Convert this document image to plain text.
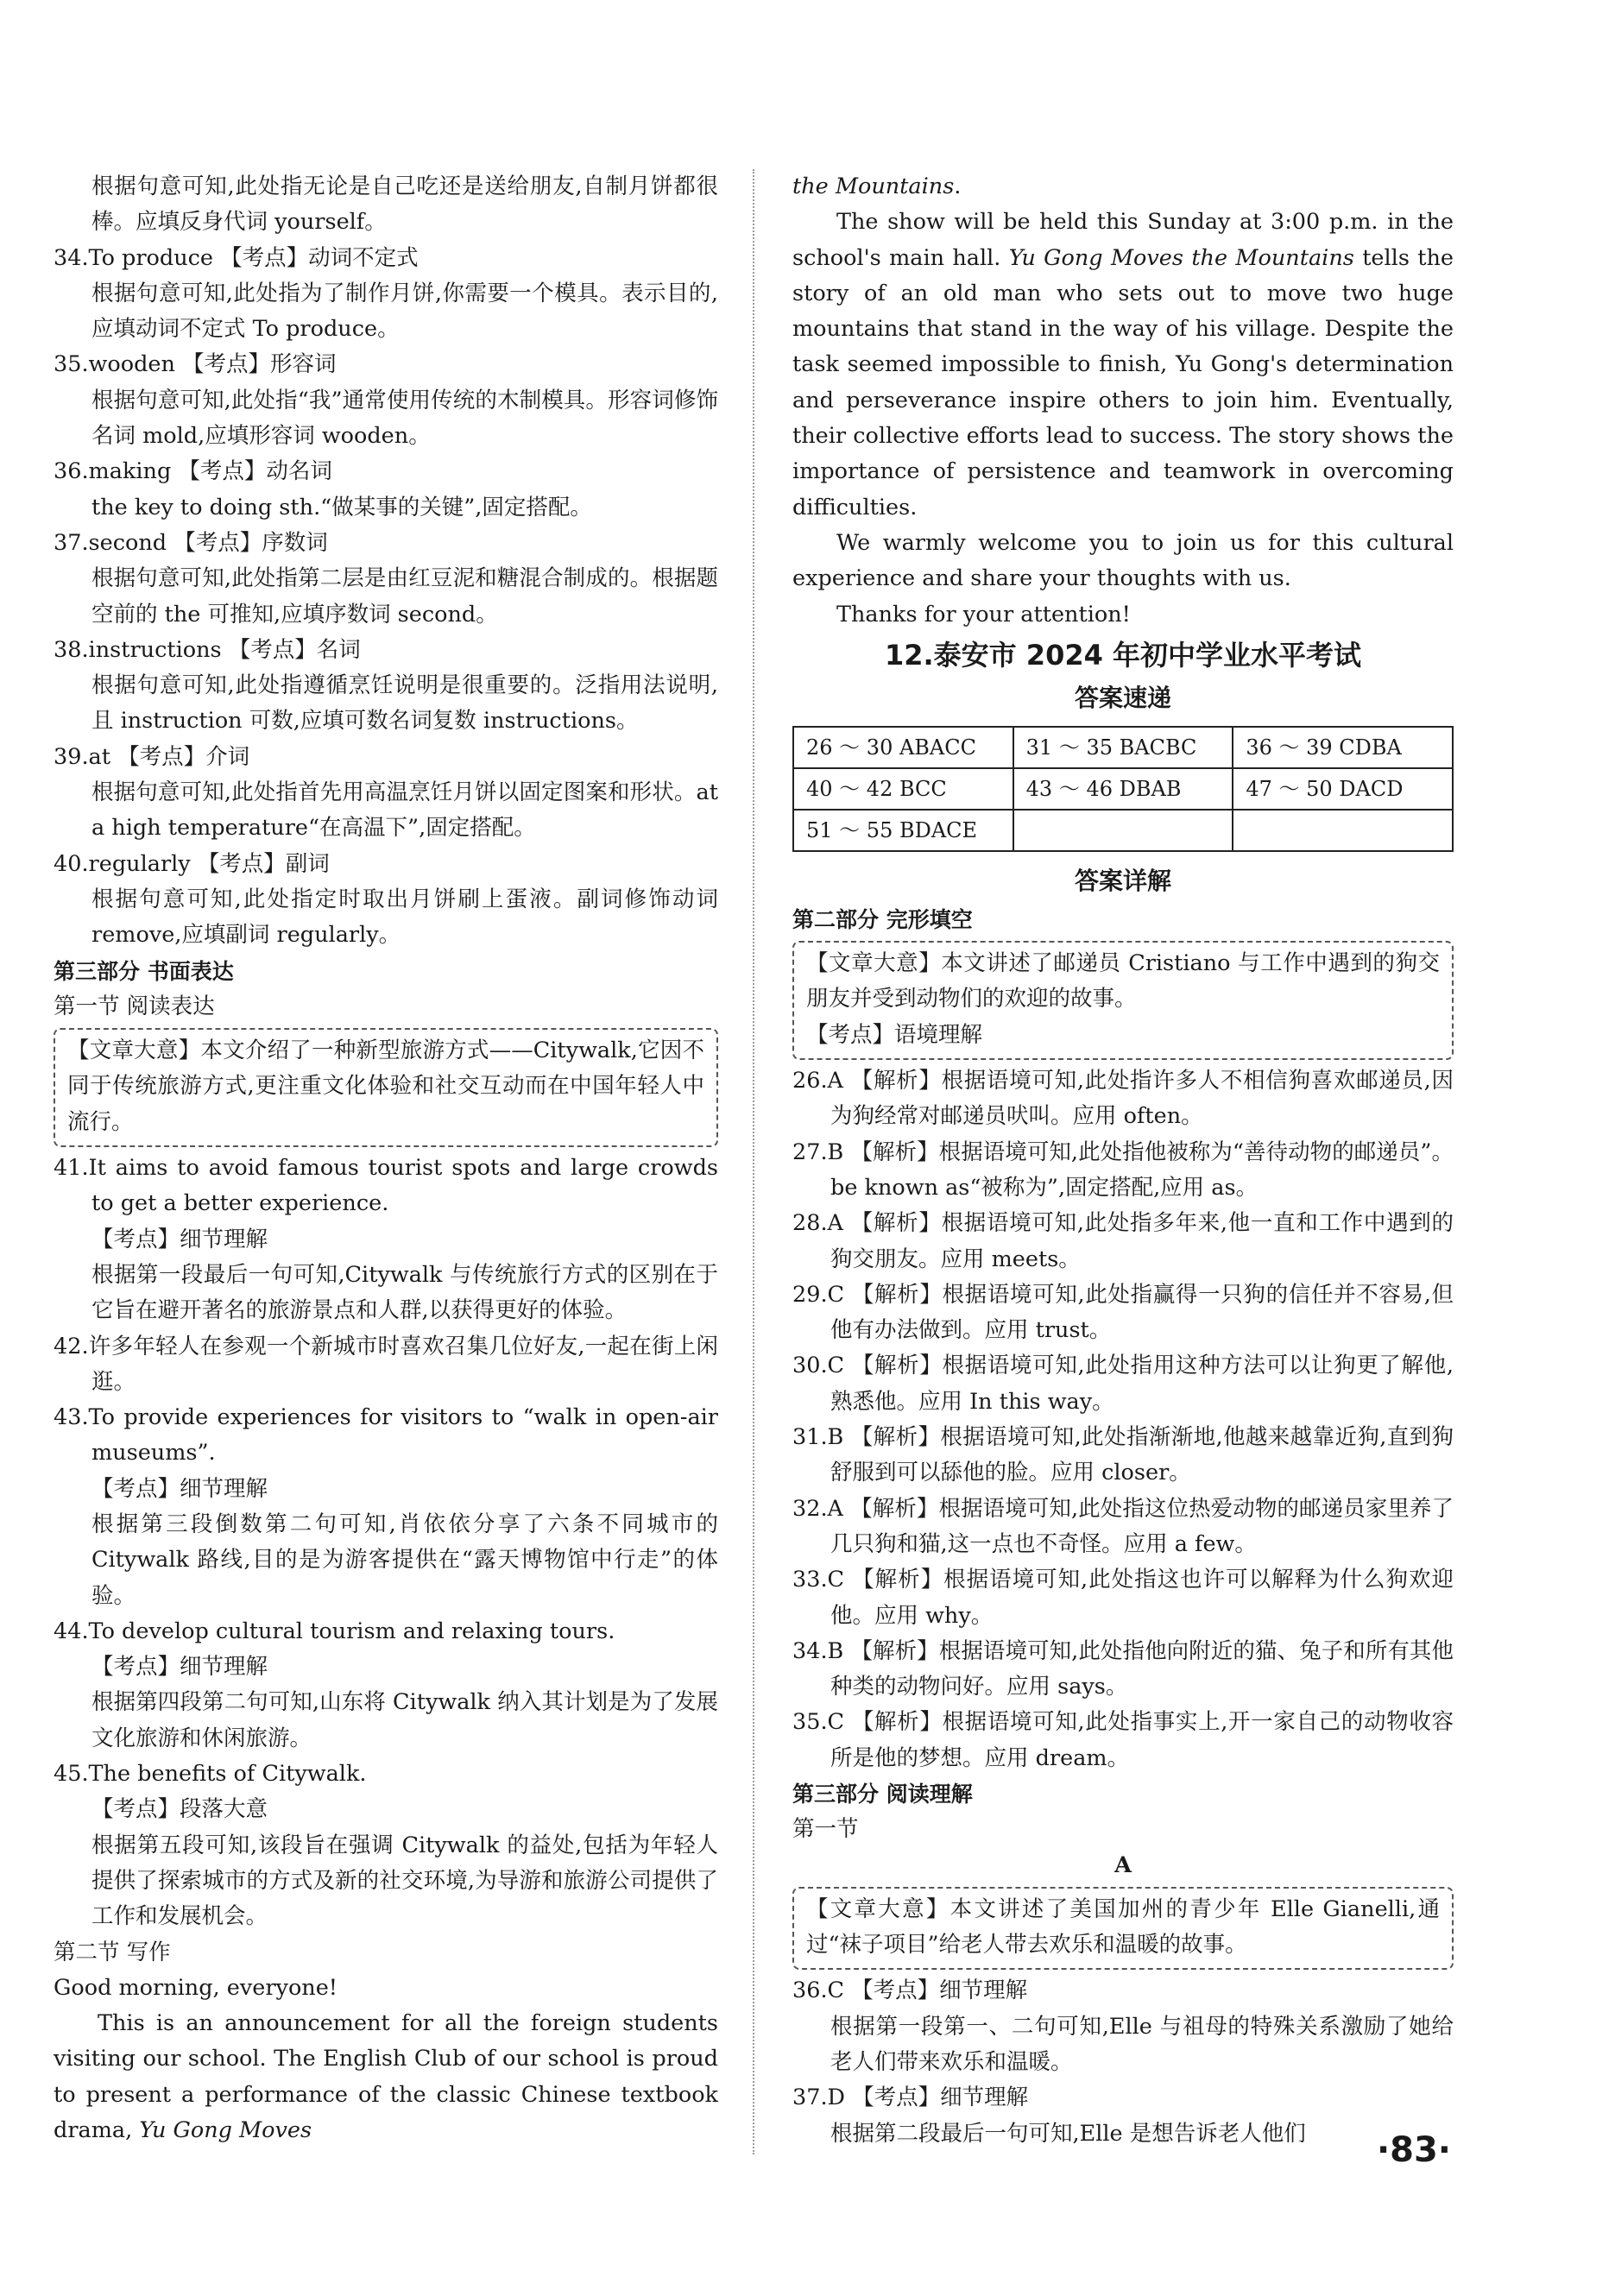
根据句意可知,此处指无论是自己吃还是送给朋友,自制月饼都很棒。应填反身代词 yourself。

34.To produce 【考点】动词不定式

根据句意可知,此处指为了制作月饼,你需要一个模具。表示目的,应填动词不定式 To produce。

35.wooden 【考点】形容词

根据句意可知,此处指“我”通常使用传统的木制模具。形容词修饰名词 mold,应填形容词 wooden。

36.making 【考点】动名词

the key to doing sth.“做某事的关键”,固定搭配。

37.second 【考点】序数词

根据句意可知,此处指第二层是由红豆泥和糖混合制成的。根据题空前的 the 可推知,应填序数词 second。

38.instructions 【考点】名词

根据句意可知,此处指遵循烹饪说明是很重要的。泛指用法说明,且 instruction 可数,应填可数名词复数 instructions。

39.at 【考点】介词

根据句意可知,此处指首先用高温烹饪月饼以固定图案和形状。at a high temperature“在高温下”,固定搭配。

40.regularly 【考点】副词

根据句意可知,此处指定时取出月饼刷上蛋液。副词修饰动词 remove,应填副词 regularly。

第三部分 书面表达

第一节 阅读表达

【文章大意】本文介绍了一种新型旅游方式——Citywalk,它因不同于传统旅游方式,更注重文化体验和社交互动而在中国年轻人中流行。

41.It aims to avoid famous tourist spots and large crowds to get a better experience.

【考点】细节理解

根据第一段最后一句可知,Citywalk 与传统旅行方式的区别在于它旨在避开著名的旅游景点和人群,以获得更好的体验。

42.许多年轻人在参观一个新城市时喜欢召集几位好友,一起在街上闲逛。

43.To provide experiences for visitors to “walk in open-air museums”.

【考点】细节理解

根据第三段倒数第二句可知,肖依依分享了六条不同城市的 Citywalk 路线,目的是为游客提供在“露天博物馆中行走”的体验。

44.To develop cultural tourism and relaxing tours.

【考点】细节理解

根据第四段第二句可知,山东将 Citywalk 纳入其计划是为了发展文化旅游和休闲旅游。

45.The benefits of Citywalk.

【考点】段落大意

根据第五段可知,该段旨在强调 Citywalk 的益处,包括为年轻人提供了探索城市的方式及新的社交环境,为导游和旅游公司提供了工作和发展机会。

第二节 写作

Good morning, everyone!

This is an announcement for all the foreign students visiting our school. The English Club of our school is proud to present a performance of the classic Chinese textbook drama, Yu Gong Moves

the Mountains.

The show will be held this Sunday at 3:00 p.m. in the school's main hall. Yu Gong Moves the Mountains tells the story of an old man who sets out to move two huge mountains that stand in the way of his village. Despite the task seemed impossible to finish, Yu Gong's determination and perseverance inspire others to join him. Eventually, their collective efforts lead to success. The story shows the importance of persistence and teamwork in overcoming difficulties.

We warmly welcome you to join us for this cultural experience and share your thoughts with us.

Thanks for your attention!

12.泰安市 2024 年初中学业水平考试

答案速递

26 ～ 30 ABACC	31 ～ 35 BACBC	36 ～ 39 CDBA
40 ～ 42 BCC	43 ～ 46 DBAB	47 ～ 50 DACD
51 ～ 55 BDACE		

答案详解

第二部分 完形填空

【文章大意】本文讲述了邮递员 Cristiano 与工作中遇到的狗交朋友并受到动物们的欢迎的故事。
【考点】语境理解

26.A 【解析】根据语境可知,此处指许多人不相信狗喜欢邮递员,因为狗经常对邮递员吠叫。应用 often。

27.B 【解析】根据语境可知,此处指他被称为“善待动物的邮递员”。be known as“被称为”,固定搭配,应用 as。

28.A 【解析】根据语境可知,此处指多年来,他一直和工作中遇到的狗交朋友。应用 meets。

29.C 【解析】根据语境可知,此处指赢得一只狗的信任并不容易,但他有办法做到。应用 trust。

30.C 【解析】根据语境可知,此处指用这种方法可以让狗更了解他,熟悉他。应用 In this way。

31.B 【解析】根据语境可知,此处指渐渐地,他越来越靠近狗,直到狗舒服到可以舔他的脸。应用 closer。

32.A 【解析】根据语境可知,此处指这位热爱动物的邮递员家里养了几只狗和猫,这一点也不奇怪。应用 a few。

33.C 【解析】根据语境可知,此处指这也许可以解释为什么狗欢迎他。应用 why。

34.B 【解析】根据语境可知,此处指他向附近的猫、兔子和所有其他种类的动物问好。应用 says。

35.C 【解析】根据语境可知,此处指事实上,开一家自己的动物收容所是他的梦想。应用 dream。

第三部分 阅读理解

第一节

A

【文章大意】本文讲述了美国加州的青少年 Elle Gianelli,通过“袜子项目”给老人带去欢乐和温暖的故事。

36.C 【考点】细节理解

根据第一段第一、二句可知,Elle 与祖母的特殊关系激励了她给老人们带来欢乐和温暖。

37.D 【考点】细节理解

根据第二段最后一句可知,Elle 是想告诉老人他们	·83·
